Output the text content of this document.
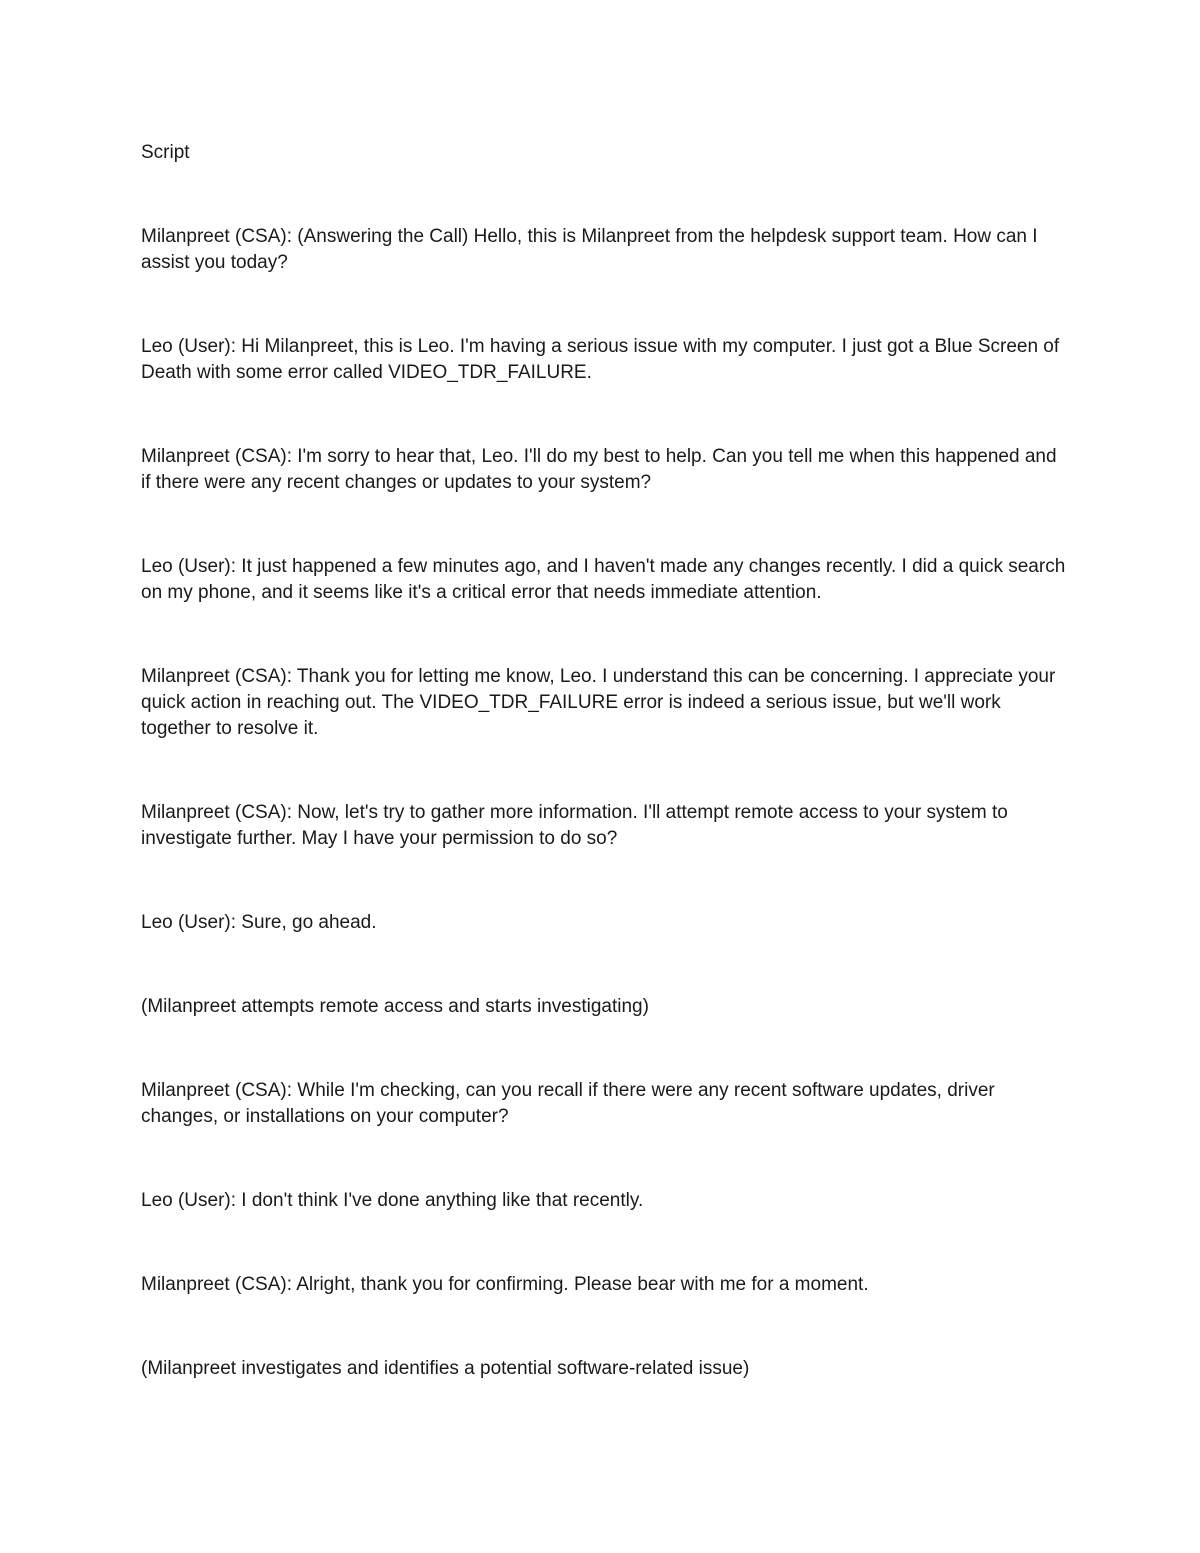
Script

Milanpreet (CSA): (Answering the Call) Hello, this is Milanpreet from the helpdesk support team. How can I assist you today?

Leo (User): Hi Milanpreet, this is Leo. I'm having a serious issue with my computer. I just got a Blue Screen of Death with some error called VIDEO_TDR_FAILURE.

Milanpreet (CSA): I'm sorry to hear that, Leo. I'll do my best to help. Can you tell me when this happened and if there were any recent changes or updates to your system?

Leo (User): It just happened a few minutes ago, and I haven't made any changes recently. I did a quick search on my phone, and it seems like it's a critical error that needs immediate attention.

Milanpreet (CSA): Thank you for letting me know, Leo. I understand this can be concerning. I appreciate your quick action in reaching out. The VIDEO_TDR_FAILURE error is indeed a serious issue, but we'll work together to resolve it.

Milanpreet (CSA): Now, let's try to gather more information. I'll attempt remote access to your system to investigate further. May I have your permission to do so?

Leo (User): Sure, go ahead.

(Milanpreet attempts remote access and starts investigating)

Milanpreet (CSA): While I'm checking, can you recall if there were any recent software updates, driver changes, or installations on your computer?

Leo (User): I don't think I've done anything like that recently.

Milanpreet (CSA): Alright, thank you for confirming. Please bear with me for a moment.

(Milanpreet investigates and identifies a potential software-related issue)
